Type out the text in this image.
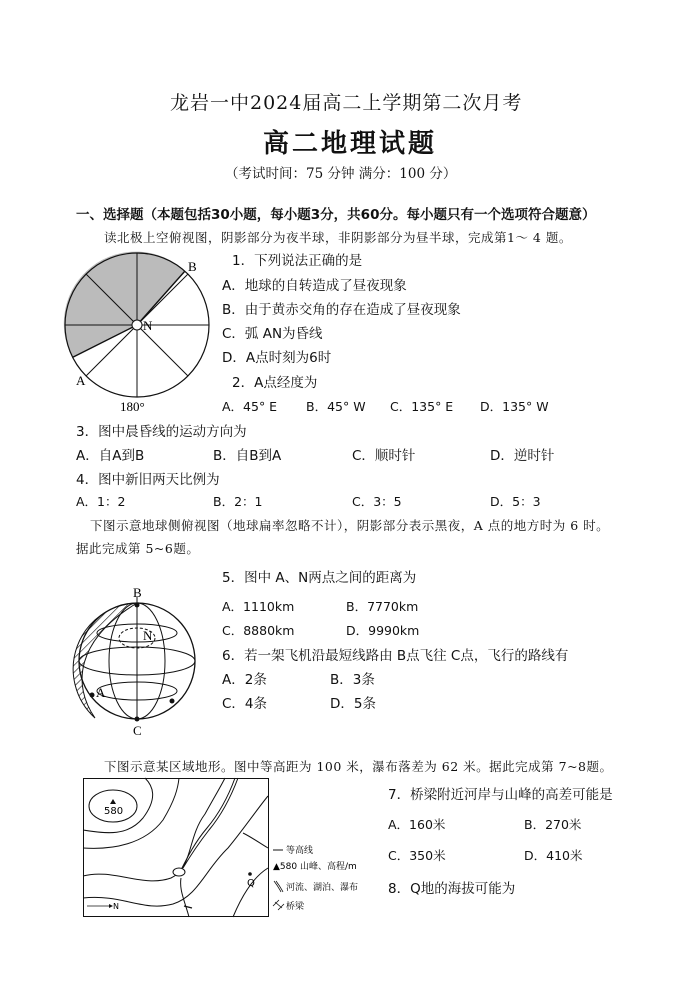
龙岩一中2024届高二上学期第二次月考
高二地理试题
（考试时间：75 分钟 满分：100 分）
一、选择题（本题包括30小题，每小题3分，共60分。每小题只有一个选项符合题意）
读北极上空俯视图，阴影部分为夜半球，非阴影部分为昼半球，完成第1～ 4 题。
B
N
A
180°
1．下列说法正确的是
A．地球的自转造成了昼夜现象
B．由于黄赤交角的存在造成了昼夜现象
C．弧 AN为昏线
D．A点时刻为6时
2．A点经度为
A．45° E B．45° W C．135° E D．135° W
3．图中晨昏线的运动方向为
A．自A到B	B．自B到A	C．顺时针	D．逆时针
4．图中新旧两天比例为
A．1：2	B．2：1	C．3：5	D．5：3
下图示意地球侧俯视图（地球扁率忽略不计），阴影部分表示黑夜，A 点的地方时为 6 时。
据此完成第 5~6题。
B
N
A
C
5．图中 A、N两点之间的距离为
A．1110km	B．7770km
C．8880km	D．9990km
6．若一架飞机沿最短线路由 B点飞往 C点，飞行的路线有
A．2条	B．3条
C．4条	D．5条
下图示意某区域地形。图中等高距为 100 米，瀑布落差为 62 米。据此完成第 7~8题。
580
Q
N
等高线
▲580 山峰、高程/m
河流、湖泊、瀑布
桥梁
7．桥梁附近河岸与山峰的高差可能是
A．160米	B．270米
C．350米	D．410米
8．Q地的海拔可能为
